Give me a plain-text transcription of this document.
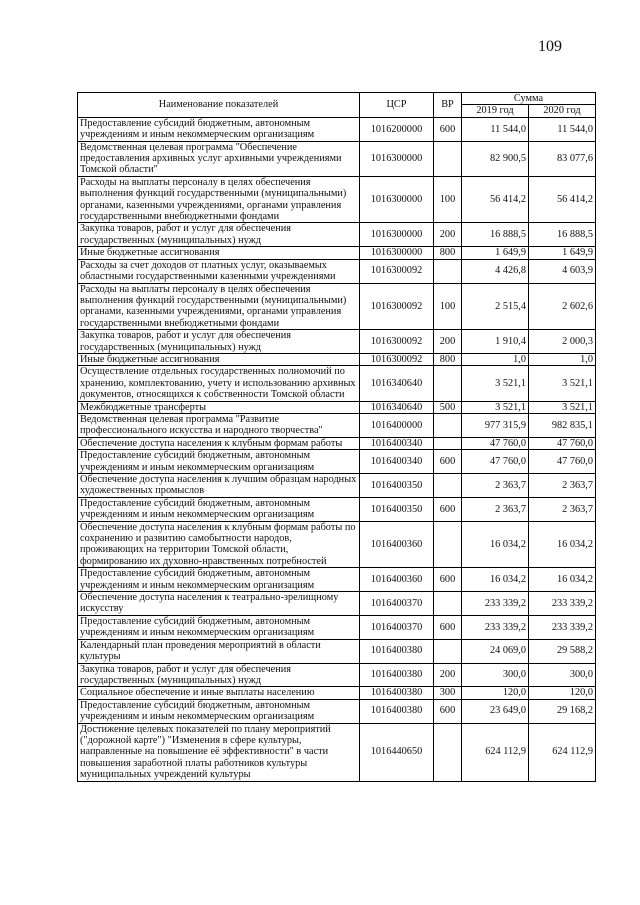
109
Наименование показателей	ЦСР	ВР	Сумма	
			2019 год	2020 год
Предоставление субсидий бюджетным, автономным учреждениям и иным некоммерческим организациям	1016200000	600	11 544,0	11 544,0
Ведомственная целевая программа "Обеспечение предоставления архивных услуг архивными учреждениями Томской области"	1016300000		82 900,5	83 077,6
Расходы на выплаты персоналу в целях обеспечения выполнения функций государственными (муниципальными) органами, казенными учреждениями, органами управления государственными внебюджетными фондами	1016300000	100	56 414,2	56 414,2
Закупка товаров, работ и услуг для обеспечения государственных (муниципальных) нужд	1016300000	200	16 888,5	16 888,5
Иные бюджетные ассигнования	1016300000	800	1 649,9	1 649,9
Расходы за счет доходов от платных услуг, оказываемых областными государственными казенными учреждениями	1016300092		4 426,8	4 603,9
Расходы на выплаты персоналу в целях обеспечения выполнения функций государственными (муниципальными) органами, казенными учреждениями, органами управления государственными внебюджетными фондами	1016300092	100	2 515,4	2 602,6
Закупка товаров, работ и услуг для обеспечения государственных (муниципальных) нужд	1016300092	200	1 910,4	2 000,3
Иные бюджетные ассигнования	1016300092	800	1,0	1,0
Осуществление отдельных государственных полномочий по хранению, комплектованию, учету и использованию архивных документов, относящихся к собственности Томской области	1016340640		3 521,1	3 521,1
Межбюджетные трансферты	1016340640	500	3 521,1	3 521,1
Ведомственная целевая программа "Развитие профессионального искусства и народного творчества"	1016400000		977 315,9	982 835,1
Обеспечение доступа населения к клубным формам работы	1016400340		47 760,0	47 760,0
Предоставление субсидий бюджетным, автономным учреждениям и иным некоммерческим организациям	1016400340	600	47 760,0	47 760,0
Обеспечение доступа населения к лучшим образцам народных художественных промыслов	1016400350		2 363,7	2 363,7
Предоставление субсидий бюджетным, автономным учреждениям и иным некоммерческим организациям	1016400350	600	2 363,7	2 363,7
Обеспечение доступа населения к клубным формам работы по сохранению и развитию самобытности народов, проживающих на территории Томской области, формированию их духовно-нравственных потребностей	1016400360		16 034,2	16 034,2
Предоставление субсидий бюджетным, автономным учреждениям и иным некоммерческим организациям	1016400360	600	16 034,2	16 034,2
Обеспечение доступа населения к театрально-зрелищному искусству	1016400370		233 339,2	233 339,2
Предоставление субсидий бюджетным, автономным учреждениям и иным некоммерческим организациям	1016400370	600	233 339,2	233 339,2
Календарный план проведения мероприятий в области культуры	1016400380		24 069,0	29 588,2
Закупка товаров, работ и услуг для обеспечения государственных (муниципальных) нужд	1016400380	200	300,0	300,0
Социальное обеспечение и иные выплаты населению	1016400380	300	120,0	120,0
Предоставление субсидий бюджетным, автономным учреждениям и иным некоммерческим организациям	1016400380	600	23 649,0	29 168,2
Достижение целевых показателей по плану мероприятий ("дорожной карте") "Изменения в сфере культуры, направленные на повышение её эффективности" в части повышения заработной платы работников культуры муниципальных учреждений культуры	1016440650		624 112,9	624 112,9
